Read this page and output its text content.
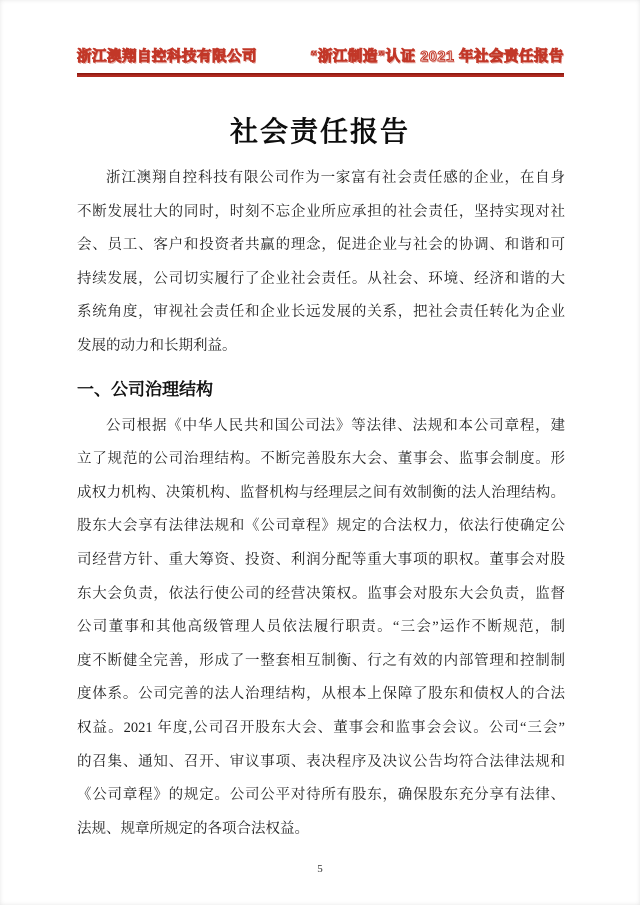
浙江澳翔自控科技有限公司	“浙江制造”认证 2021 年社会责任报告
社会责任报告
浙江澳翔自控科技有限公司作为一家富有社会责任感的企业，在自身
不断发展壮大的同时，时刻不忘企业所应承担的社会责任，坚持实现对社
会、员工、客户和投资者共赢的理念，促进企业与社会的协调、和谐和可
持续发展，公司切实履行了企业社会责任。从社会、环境、经济和谐的大
系统角度，审视社会责任和企业长远发展的关系，把社会责任转化为企业
发展的动力和长期利益。
一、公司治理结构
公司根据《中华人民共和国公司法》等法律、法规和本公司章程，建
立了规范的公司治理结构。不断完善股东大会、董事会、监事会制度。形
成权力机构、决策机构、监督机构与经理层之间有效制衡的法人治理结构。
股东大会享有法律法规和《公司章程》规定的合法权力，依法行使确定公
司经营方针、重大筹资、投资、利润分配等重大事项的职权。董事会对股
东大会负责，依法行使公司的经营决策权。监事会对股东大会负责，监督
公司董事和其他高级管理人员依法履行职责。“三会”运作不断规范，制
度不断健全完善，形成了一整套相互制衡、行之有效的内部管理和控制制
度体系。公司完善的法人治理结构，从根本上保障了股东和债权人的合法
权益。2021 年度,公司召开股东大会、董事会和监事会会议。公司“三会”
的召集、通知、召开、审议事项、表决程序及决议公告均符合法律法规和
《公司章程》的规定。公司公平对待所有股东，确保股东充分享有法律、
法规、规章所规定的各项合法权益。
5
